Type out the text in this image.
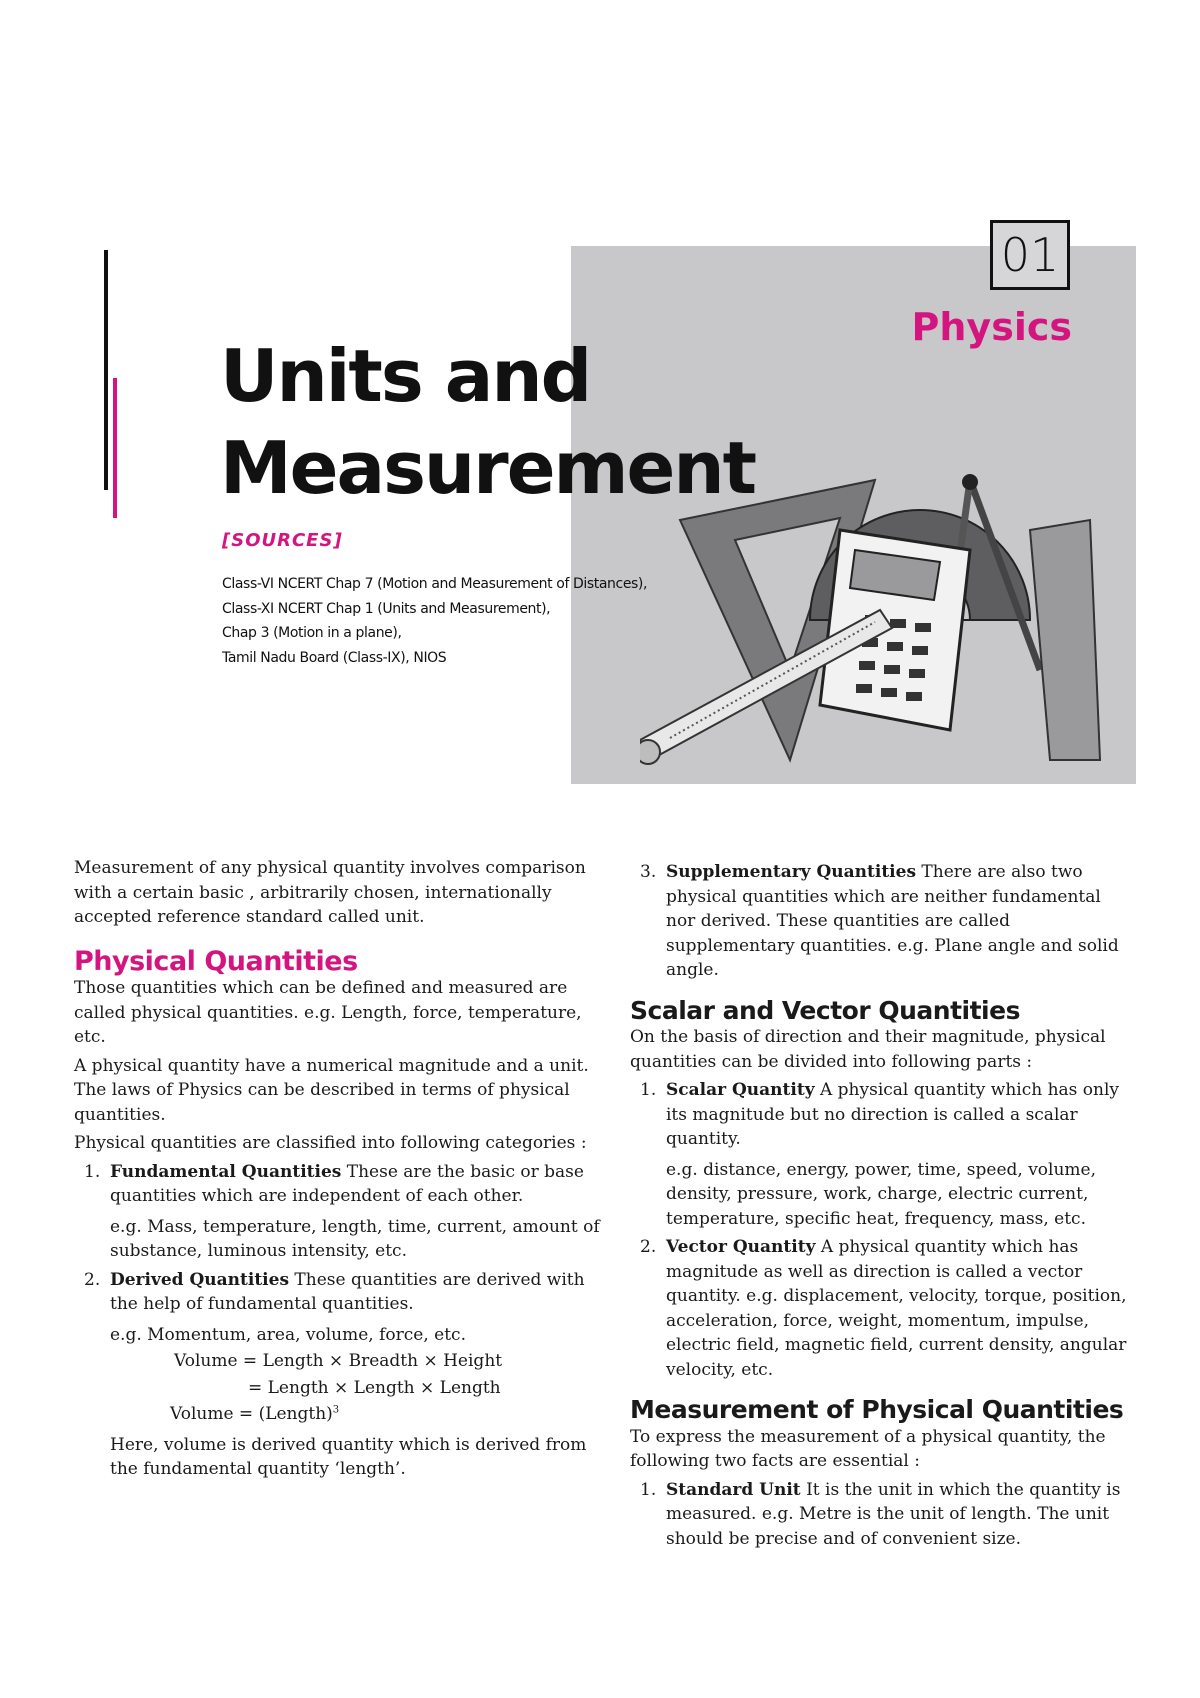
01
Physics
Units and
Measurement
[SOURCES]
Class-VI NCERT Chap 7 (Motion and Measurement of Distances),
Class-XI NCERT Chap 1 (Units and Measurement),
Chap 3 (Motion in a plane),
Tamil Nadu Board (Class-IX), NIOS

Measurement of any physical quantity involves comparison with a certain basic , arbitrarily chosen, internationally accepted reference standard called unit.

Physical Quantities

Those quantities which can be defined and measured are called physical quantities. e.g. Length, force, temperature, etc.

A physical quantity have a numerical magnitude and a unit. The laws of Physics can be described in terms of physical quantities.

Physical quantities are classified into following categories :

1. Fundamental Quantities These are the basic or base quantities which are independent of each other.
e.g. Mass, temperature, length, time, current, amount of substance, luminous intensity, etc.
2. Derived Quantities These quantities are derived with the help of fundamental quantities.
e.g. Momentum, area, volume, force, etc.
Volume = Length × Breadth × Height
= Length × Length × Length
Volume = (Length)$^3$
Here, volume is derived quantity which is derived from the fundamental quantity ‘length’.
3. Supplementary Quantities There are also two physical quantities which are neither fundamental nor derived. These quantities are called supplementary quantities. e.g. Plane angle and solid angle.
Scalar and Vector Quantities

On the basis of direction and their magnitude, physical quantities can be divided into following parts :

1. Scalar Quantity A physical quantity which has only its magnitude but no direction is called a scalar quantity.
e.g. distance, energy, power, time, speed, volume, density, pressure, work, charge, electric current, temperature, specific heat, frequency, mass, etc.
2. Vector Quantity A physical quantity which has magnitude as well as direction is called a vector quantity. e.g. displacement, velocity, torque, position, acceleration, force, weight, momentum, impulse, electric field, magnetic field, current density, angular velocity, etc.
Measurement of Physical Quantities

To express the measurement of a physical quantity, the following two facts are essential :

1. Standard Unit It is the unit in which the quantity is measured. e.g. Metre is the unit of length. The unit should be precise and of convenient size.
